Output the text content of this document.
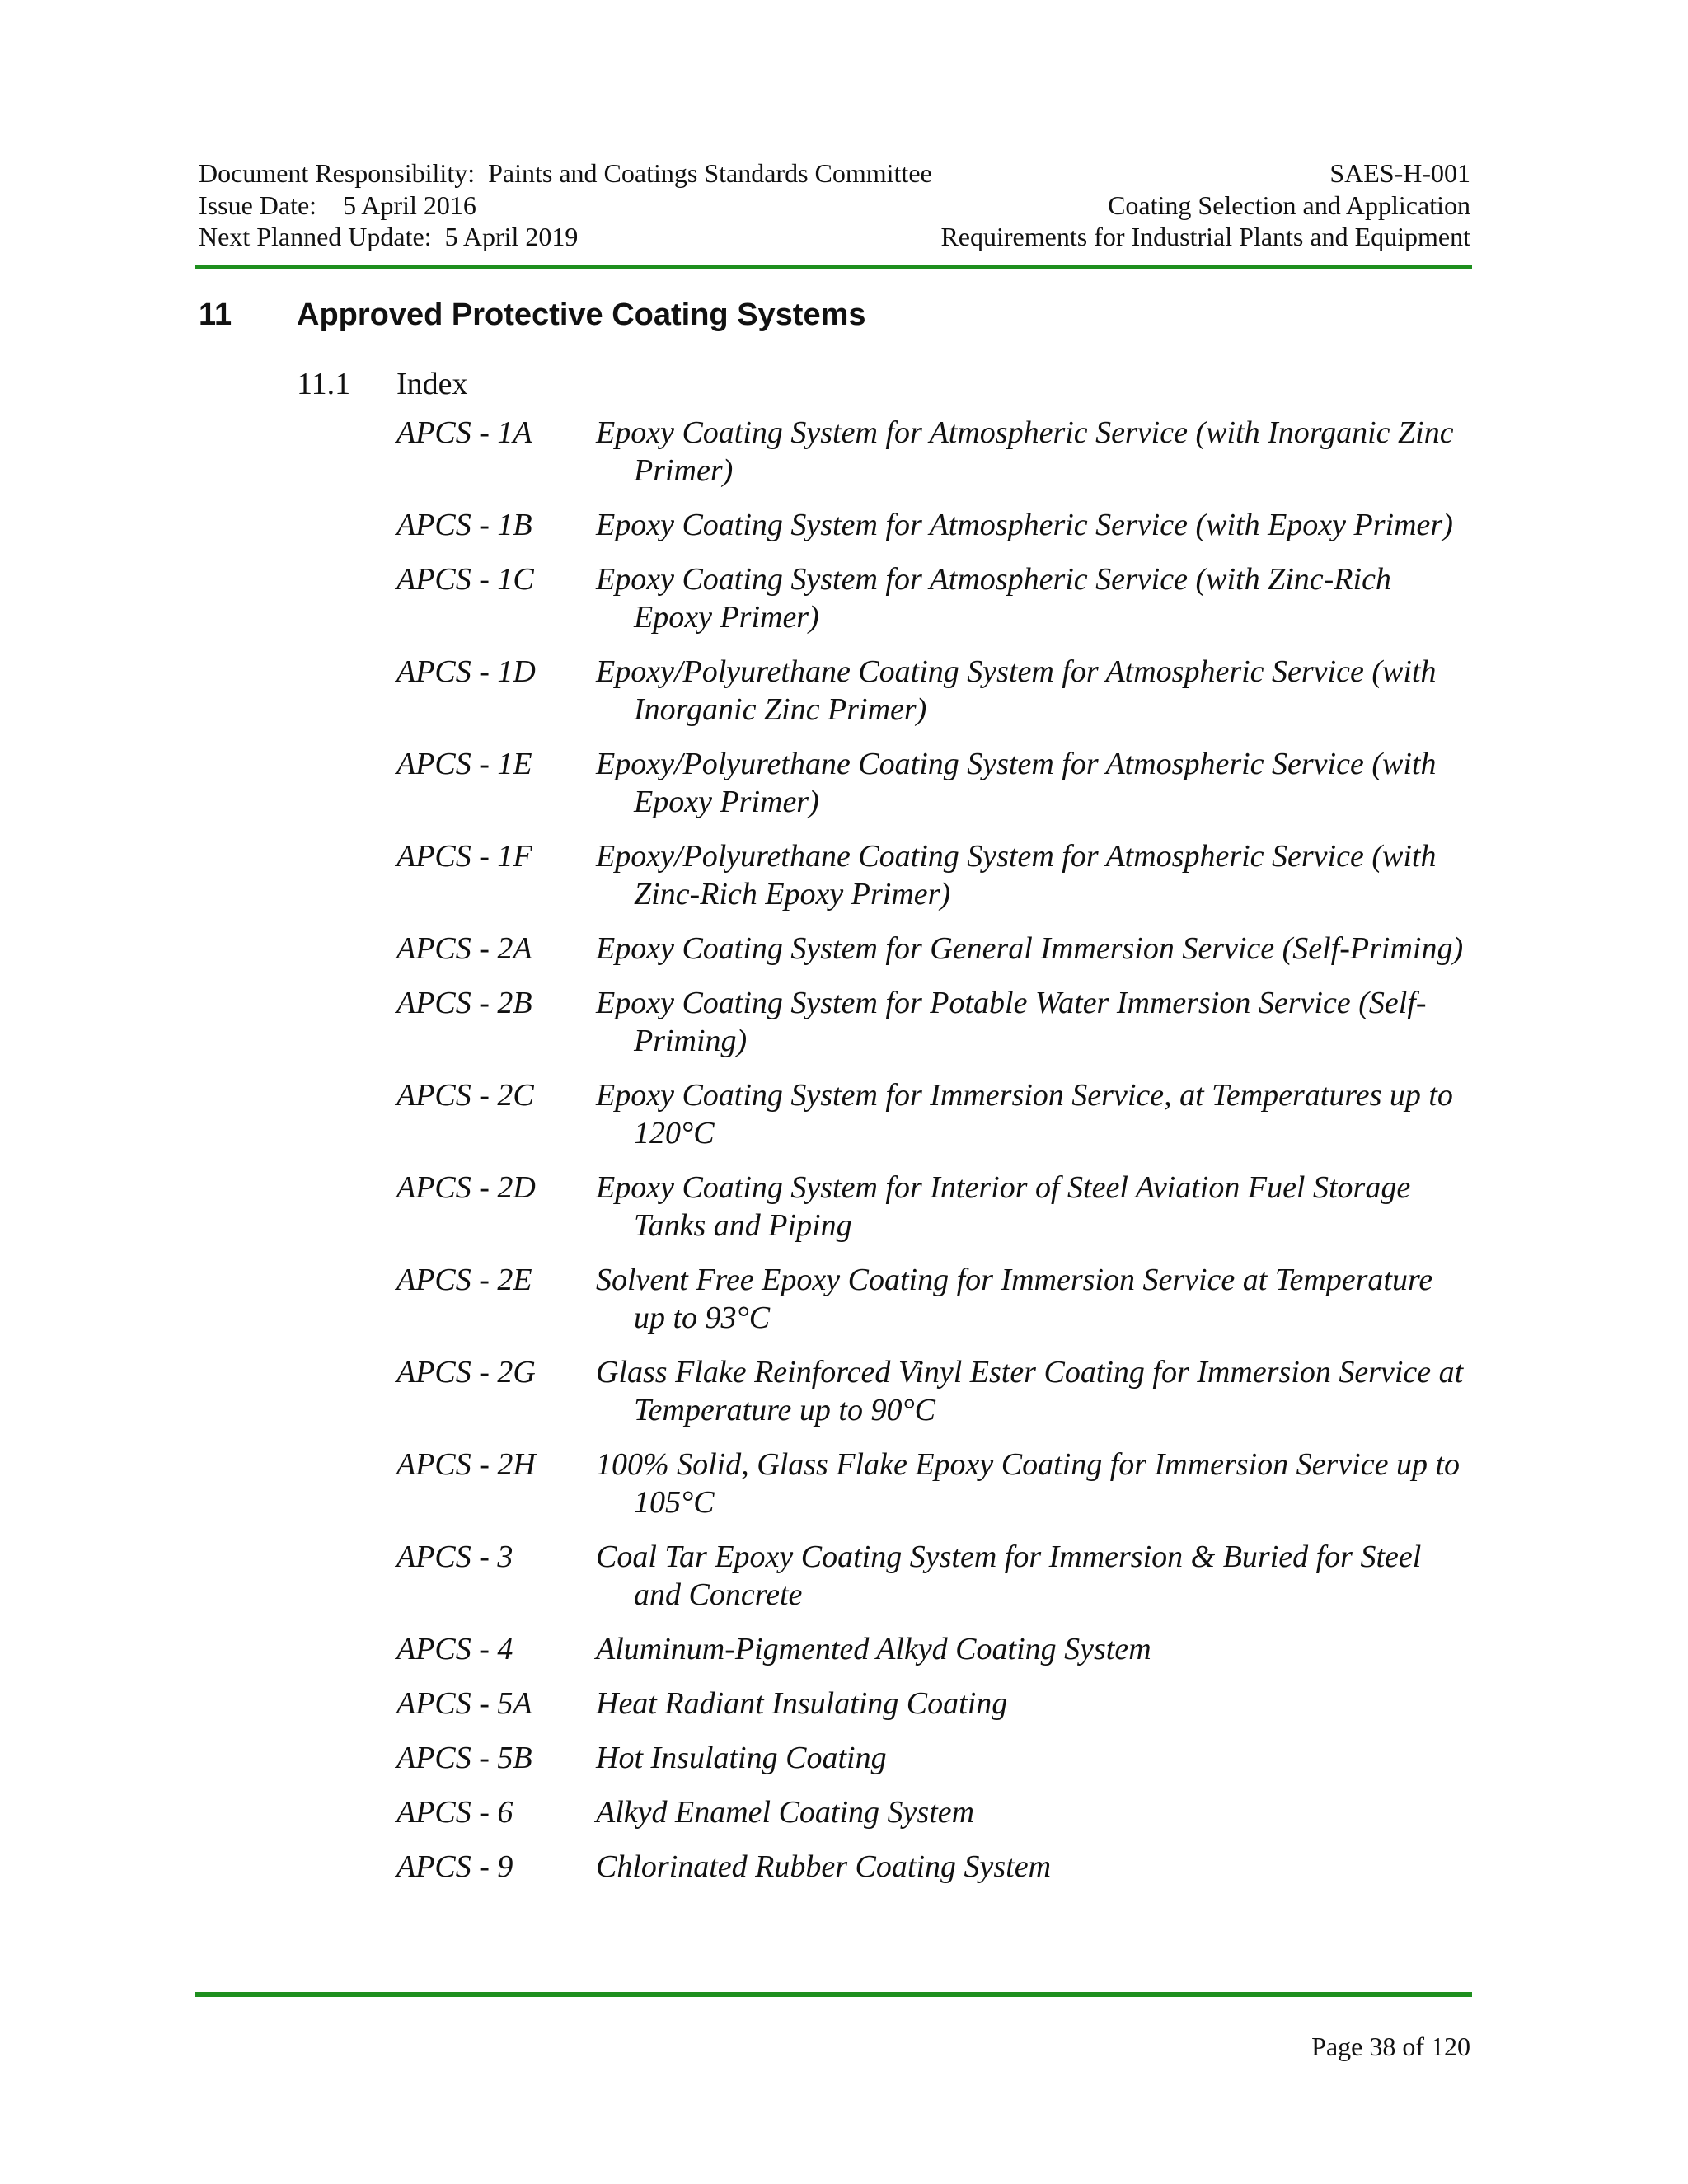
Document Responsibility:  Paints and Coatings Standards Committee
Issue Date:    5 April 2016
Next Planned Update:  5 April 2019
SAES-H-001
Coating Selection and Application
Requirements for Industrial Plants and Equipment
11 Approved Protective Coating Systems
11.1 Index
APCS - 1A Epoxy Coating System for Atmospheric Service (with Inorganic Zinc Primer)
APCS - 1B Epoxy Coating System for Atmospheric Service (with Epoxy Primer)
APCS - 1C Epoxy Coating System for Atmospheric Service (with Zinc-Rich Epoxy Primer)
APCS - 1D Epoxy/Polyurethane Coating System for Atmospheric Service (with Inorganic Zinc Primer)
APCS - 1E Epoxy/Polyurethane Coating System for Atmospheric Service (with Epoxy Primer)
APCS - 1F Epoxy/Polyurethane Coating System for Atmospheric Service (with Zinc-Rich Epoxy Primer)
APCS - 2A Epoxy Coating System for General Immersion Service (Self-Priming)
APCS - 2B Epoxy Coating System for Potable Water Immersion Service (Self-Priming)
APCS - 2C Epoxy Coating System for Immersion Service, at Temperatures up to 120°C
APCS - 2D Epoxy Coating System for Interior of Steel Aviation Fuel Storage Tanks and Piping
APCS - 2E Solvent Free Epoxy Coating for Immersion Service at Temperature up to 93°C
APCS - 2G Glass Flake Reinforced Vinyl Ester Coating for Immersion Service at Temperature up to 90°C
APCS - 2H 100% Solid, Glass Flake Epoxy Coating for Immersion Service up to 105°C
APCS - 3	Coal Tar Epoxy Coating System for Immersion & Buried for Steel and Concrete
APCS - 4	Aluminum-Pigmented Alkyd Coating System
APCS - 5A Heat Radiant Insulating Coating
APCS - 5B Hot Insulating Coating
APCS - 6	Alkyd Enamel Coating System
APCS - 9	Chlorinated Rubber Coating System
Page 38 of 120
